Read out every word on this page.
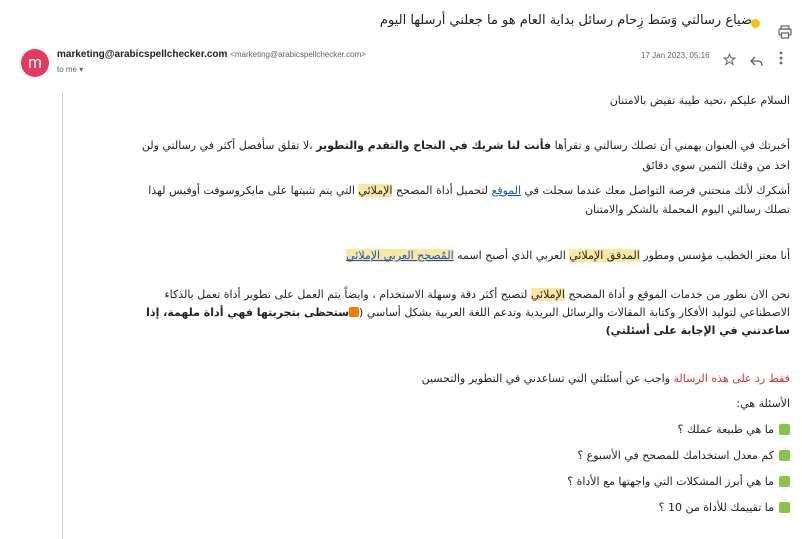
ضياع رسالتي وَسَط زِحام رسائل بداية العام هو ما جعلني أرسلها اليوم
m	marketing@arabicspellchecker.com <marketing@arabicspellchecker.com>
to me ▾
17 Jan 2023, 05:16
السلام عليكم ،تحية طيبة تفيض بالامتنان
أخبرتك في العنوان يهمني أن تصلك رسالتي و تقرأها فأنت لنا شريك في النجاح والتقدم والتطوير ،لا تقلق سأفصل أكثر في رسالتي ولن
اخذ من وقتك الثمين سوى دقائق
أشكرك لأنك منحتني فرصة التواصل معك عندما سجلت في الموقع لتحميل أداة المصحح الإملائي التي يتم تثبيتها على مايكروسوفت أوفيس لهذا
تصلك رسالتي اليوم المحملة بالشكر والامتنان
أنا معتز الخطيب مؤسس ومطور المدقق الإملائي العربي الذي أصبح اسمه المٌصحح العربي الإملائي
نحن الان نطور من خدمات الموقع و أداة المصحح الإملائي لتصبح أكثر دقة وسهلة الاستخدام ، وايضاً يتم العمل على تطوير أداة تعمل بالذكاء
الاصطناعي لتوليد الأفكار وكتابة المقالات والرسائل البريدية وتدعم اللغة العربية بشكل أساسي (ستحظى بتجربتها فهي أداة ملهمة، إذا
ساعدتني في الإجابة على أسئلتي)
فقط رد على هذه الرسالة واجب عن أسئلتي التي تساعدني في التطوير والتحسين
الأسئلة هي:
ما هي طبيعة عملك ؟
كم معدل استخدامك للمصحح في الأسبوع ؟
ما هي أبرز المشكلات التي واجهتها مع الأداة ؟
ما تقييمك للأداة من 10 ؟
